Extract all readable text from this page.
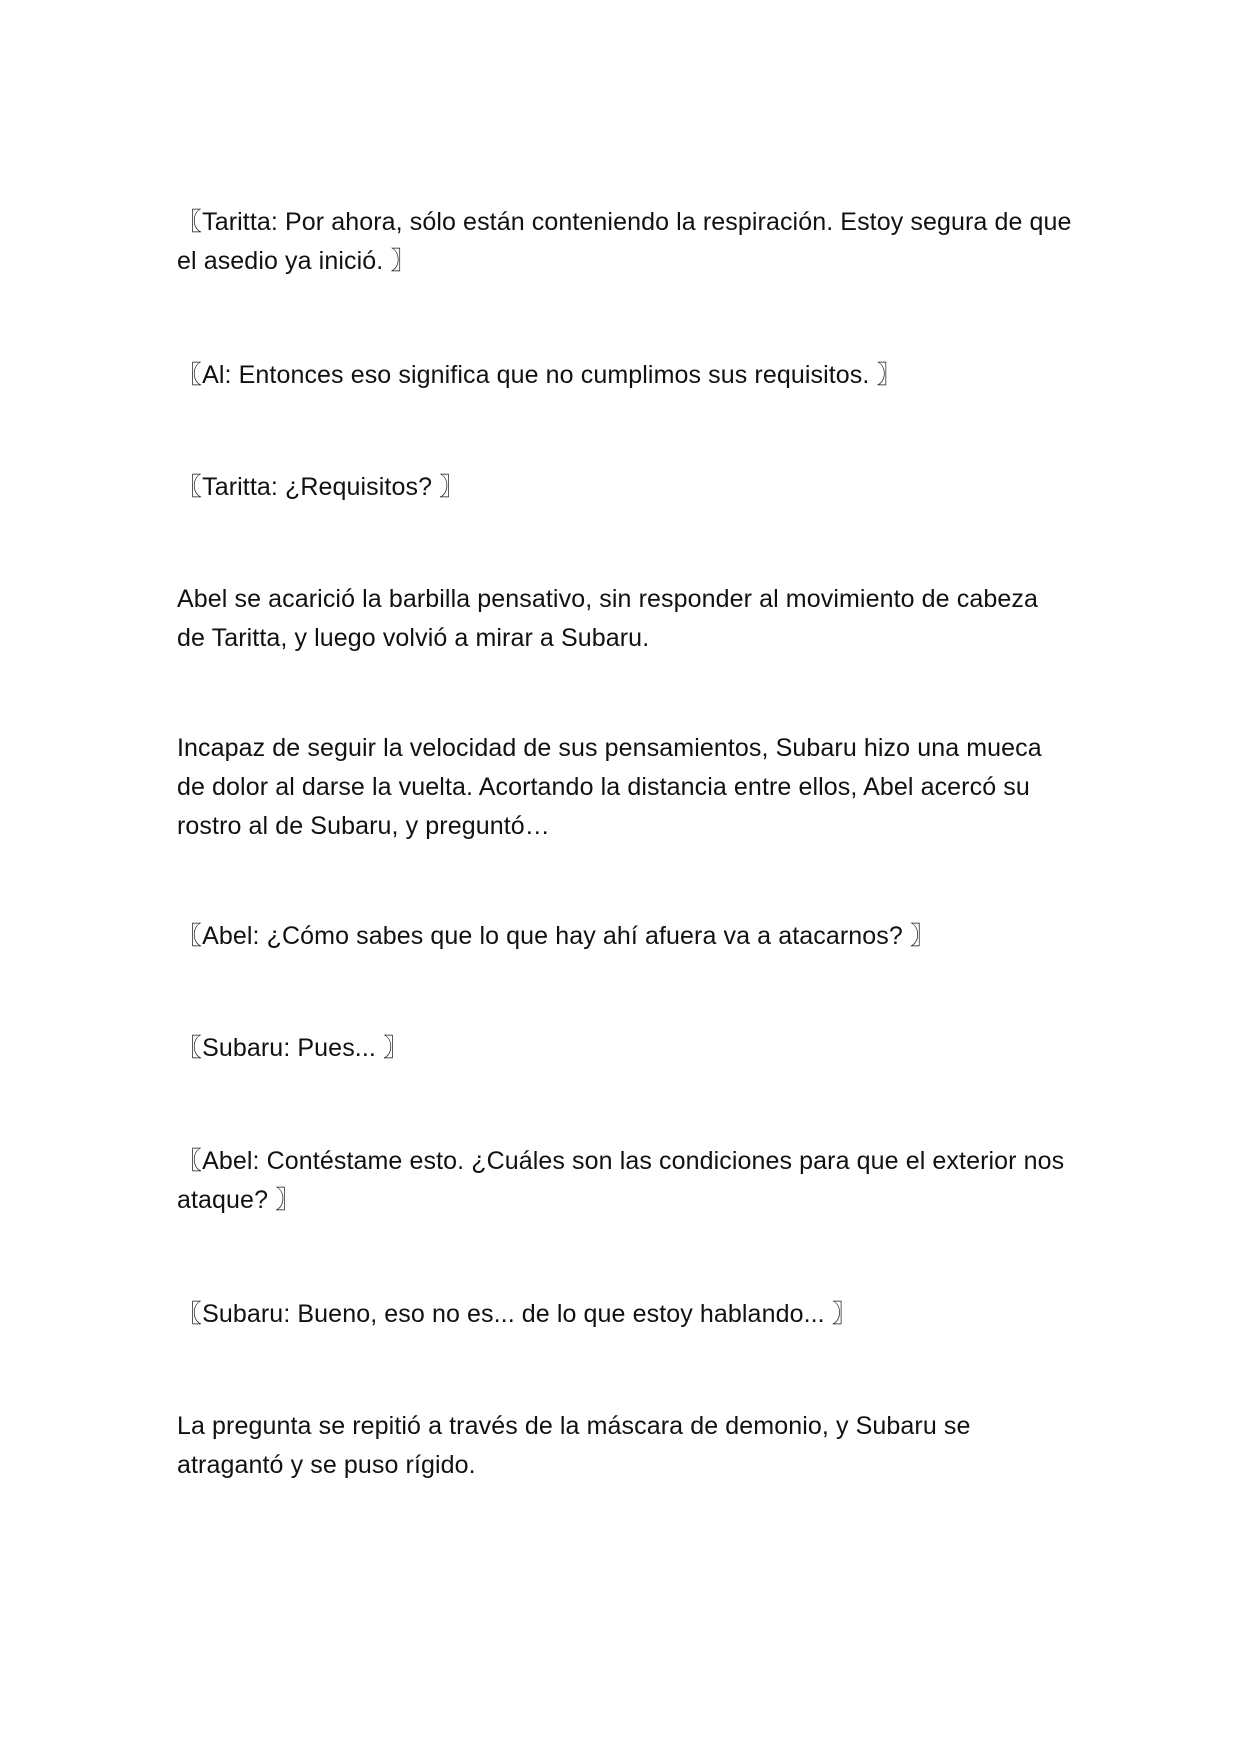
〖Taritta: Por ahora, sólo están conteniendo la respiración. Estoy segura de que el asedio ya inició. 〗

〖Al: Entonces eso significa que no cumplimos sus requisitos. 〗

〖Taritta: ¿Requisitos? 〗

Abel se acarició la barbilla pensativo, sin responder al movimiento de cabeza de Taritta, y luego volvió a mirar a Subaru.

Incapaz de seguir la velocidad de sus pensamientos, Subaru hizo una mueca de dolor al darse la vuelta. Acortando la distancia entre ellos, Abel acercó su rostro al de Subaru, y preguntó…

〖Abel: ¿Cómo sabes que lo que hay ahí afuera va a atacarnos? 〗

〖Subaru: Pues... 〗

〖Abel: Contéstame esto. ¿Cuáles son las condiciones para que el exterior nos ataque? 〗

〖Subaru: Bueno, eso no es... de lo que estoy hablando... 〗

La pregunta se repitió a través de la máscara de demonio, y Subaru se atragantó y se puso rígido.
